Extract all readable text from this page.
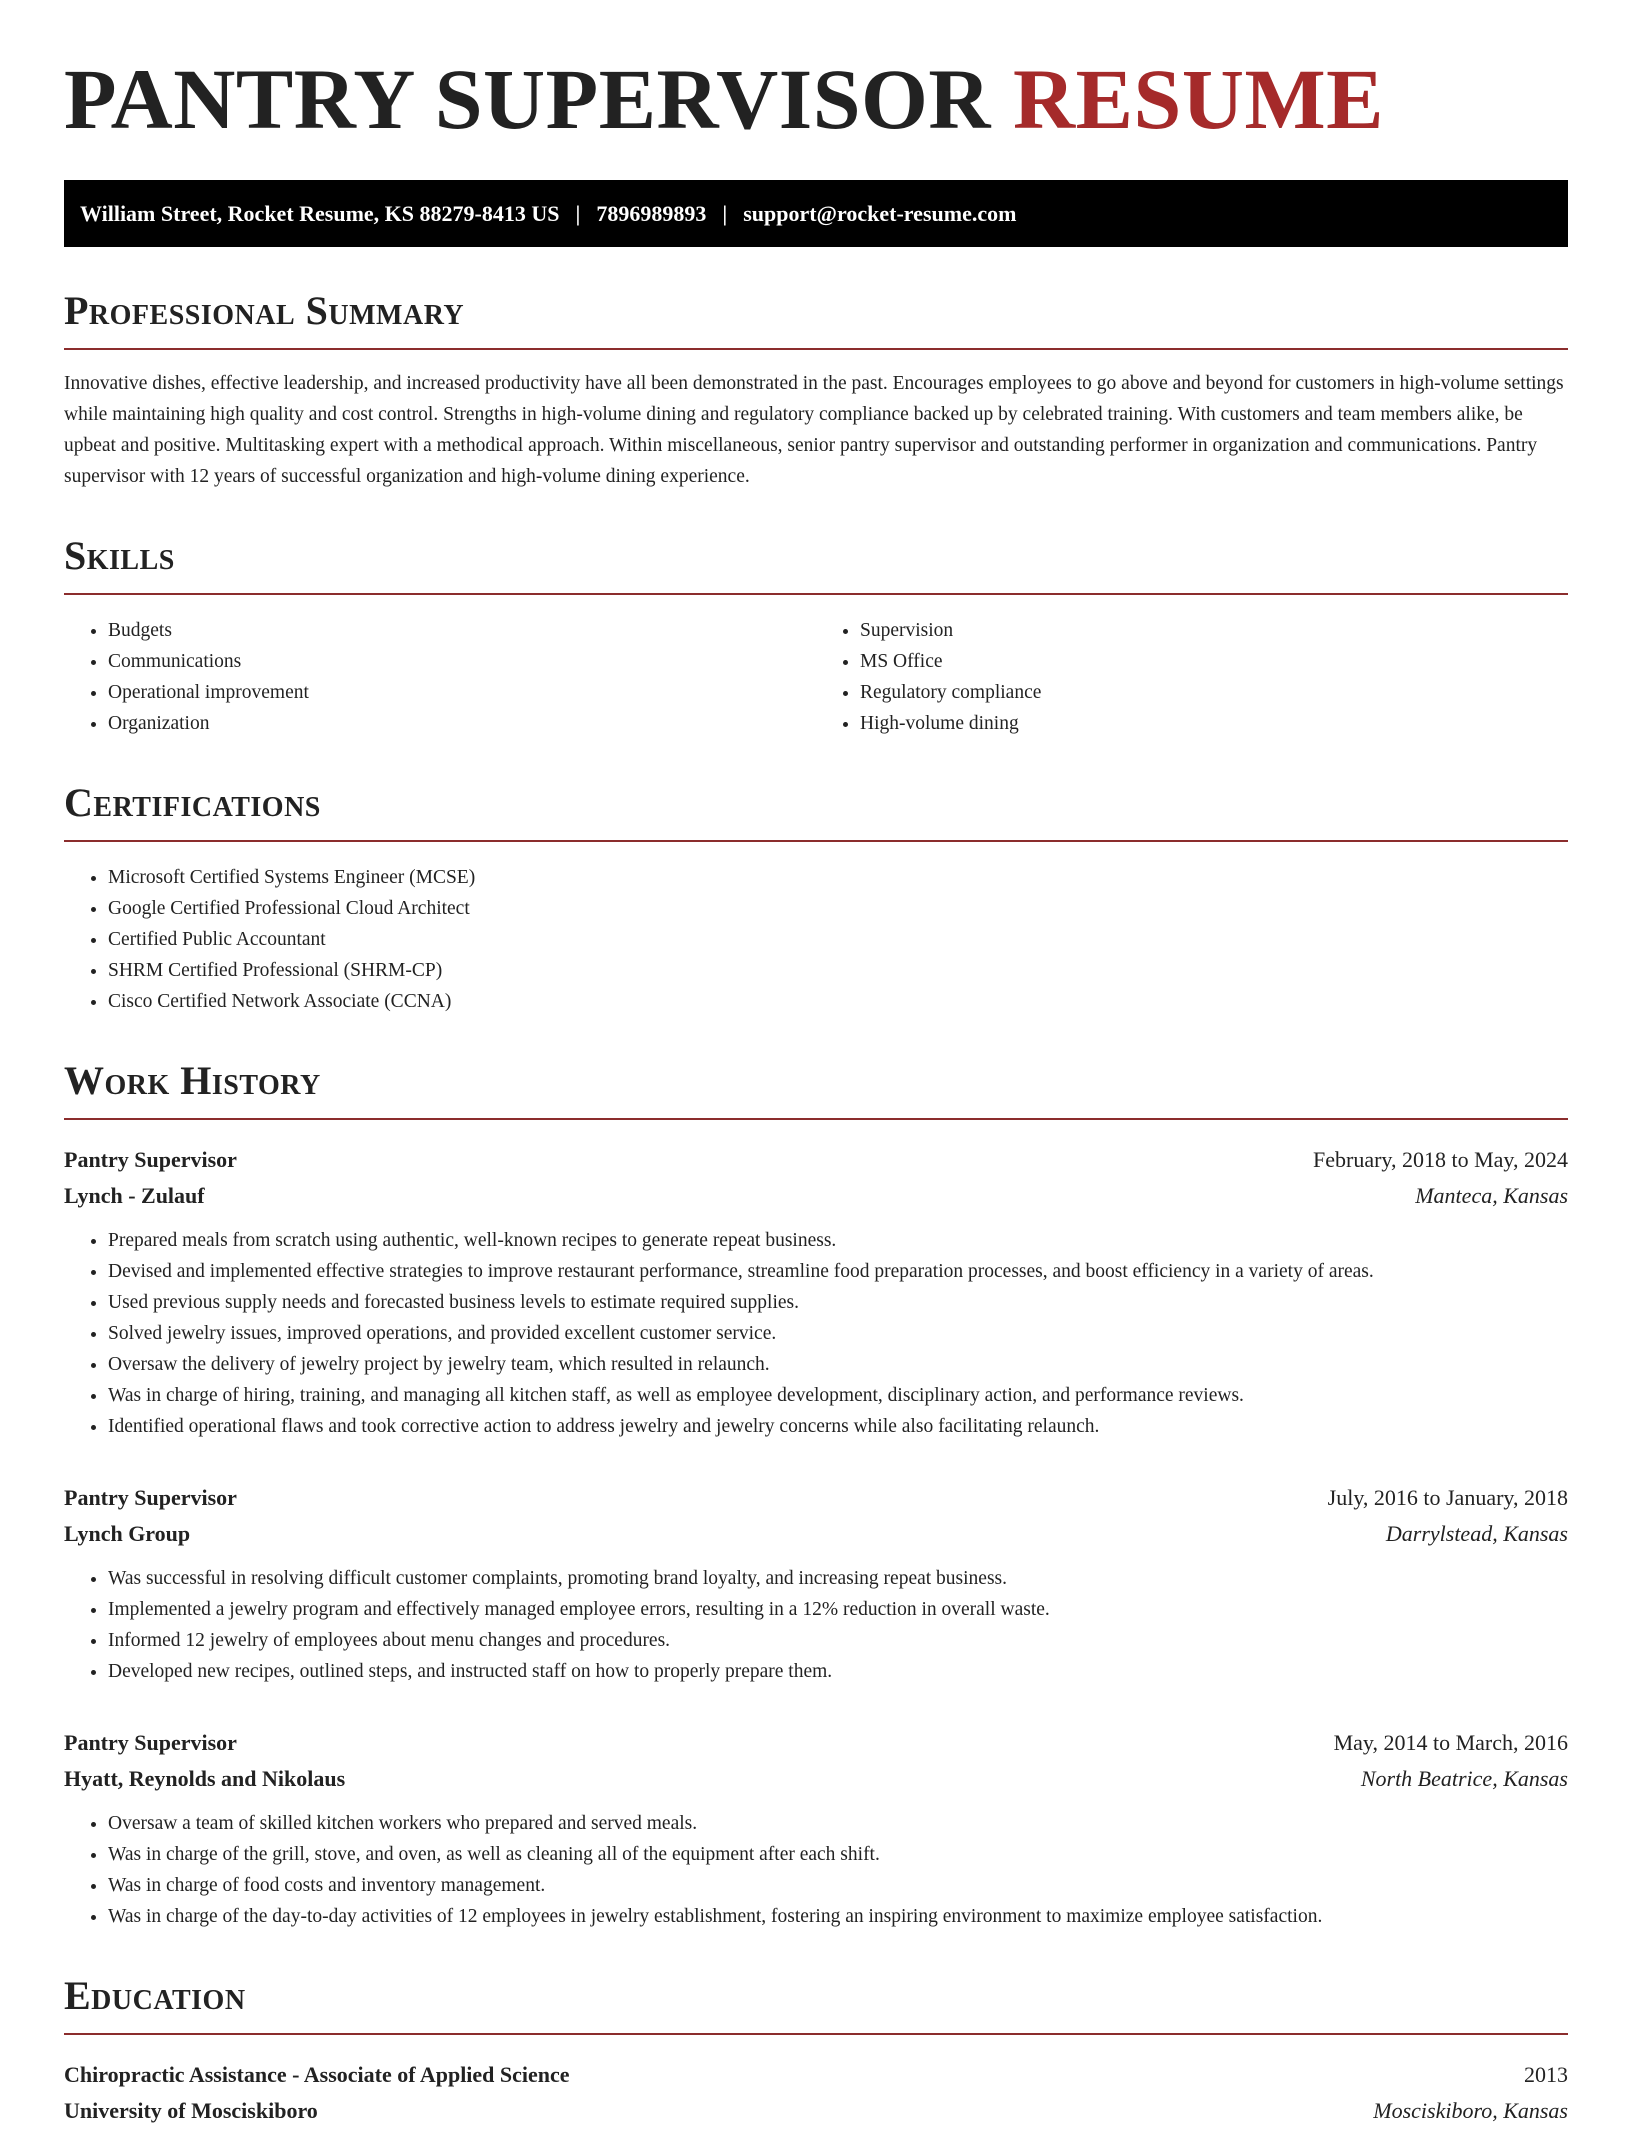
PANTRY SUPERVISOR RESUME
William Street, Rocket Resume, KS 88279-8413 US | 7896989893 | support@rocket-resume.com
Professional Summary

Innovative dishes, effective leadership, and increased productivity have all been demonstrated in the past. Encourages employees to go above and beyond for customers in high-volume settings while maintaining high quality and cost control. Strengths in high-volume dining and regulatory compliance backed up by celebrated training. With customers and team members alike, be upbeat and positive. Multitasking expert with a methodical approach. Within miscellaneous, senior pantry supervisor and outstanding performer in organization and communications. Pantry supervisor with 12 years of successful organization and high-volume dining experience.

Skills
• Budgets
• Communications
• Operational improvement
• Organization
• Supervision
• MS Office
• Regulatory compliance
• High-volume dining
Certifications
• Microsoft Certified Systems Engineer (MCSE)
• Google Certified Professional Cloud Architect
• Certified Public Accountant
• SHRM Certified Professional (SHRM-CP)
• Cisco Certified Network Associate (CCNA)
Work History
Pantry Supervisor	February, 2018 to May, 2024
Lynch - Zulauf	Manteca, Kansas
• Prepared meals from scratch using authentic, well-known recipes to generate repeat business.
• Devised and implemented effective strategies to improve restaurant performance, streamline food preparation processes, and boost efficiency in a variety of areas.
• Used previous supply needs and forecasted business levels to estimate required supplies.
• Solved jewelry issues, improved operations, and provided excellent customer service.
• Oversaw the delivery of jewelry project by jewelry team, which resulted in relaunch.
• Was in charge of hiring, training, and managing all kitchen staff, as well as employee development, disciplinary action, and performance reviews.
• Identified operational flaws and took corrective action to address jewelry and jewelry concerns while also facilitating relaunch.
Pantry Supervisor	July, 2016 to January, 2018
Lynch Group	Darrylstead, Kansas
• Was successful in resolving difficult customer complaints, promoting brand loyalty, and increasing repeat business.
• Implemented a jewelry program and effectively managed employee errors, resulting in a 12% reduction in overall waste.
• Informed 12 jewelry of employees about menu changes and procedures.
• Developed new recipes, outlined steps, and instructed staff on how to properly prepare them.
Pantry Supervisor	May, 2014 to March, 2016
Hyatt, Reynolds and Nikolaus	North Beatrice, Kansas
• Oversaw a team of skilled kitchen workers who prepared and served meals.
• Was in charge of the grill, stove, and oven, as well as cleaning all of the equipment after each shift.
• Was in charge of food costs and inventory management.
• Was in charge of the day-to-day activities of 12 employees in jewelry establishment, fostering an inspiring environment to maximize employee satisfaction.
Education
Chiropractic Assistance - Associate of Applied Science	2013
University of Mosciskiboro	Mosciskiboro, Kansas
